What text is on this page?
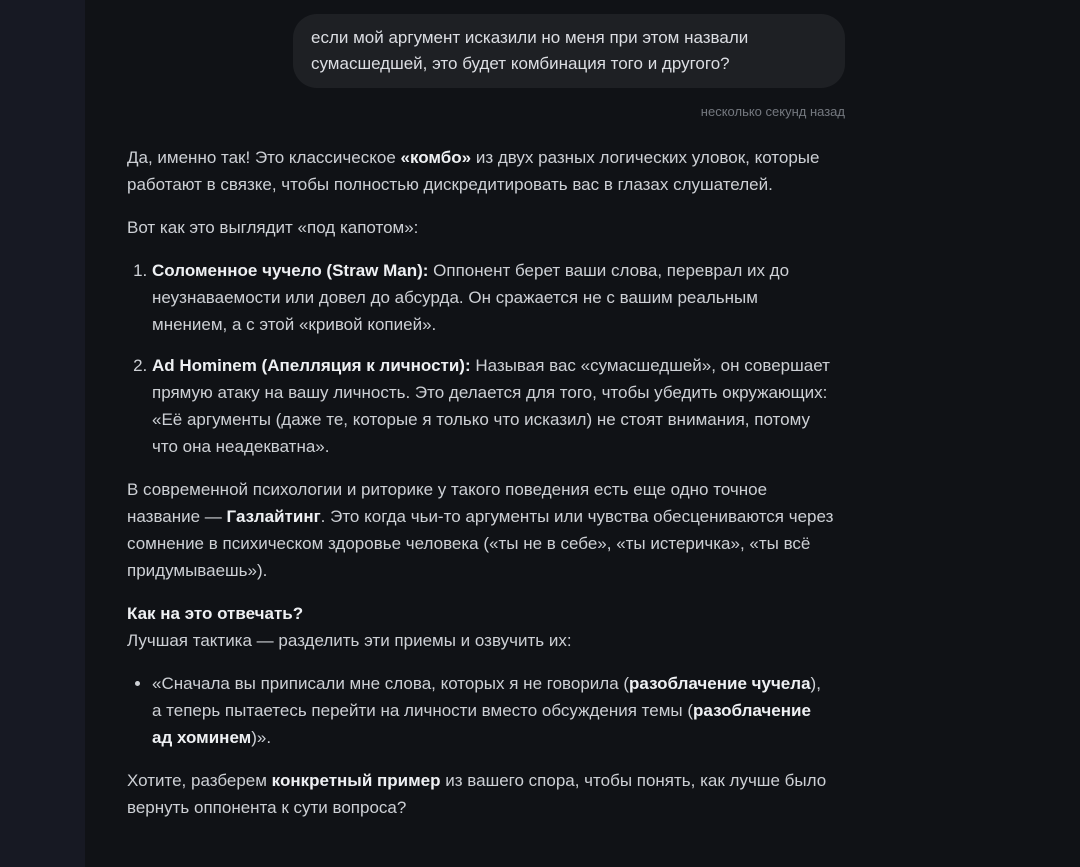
если мой аргумент исказили но меня при этом назвали сумасшедшей, это будет комбинация того и другого?
несколько секунд назад

Да, именно так! Это классическое «комбо» из двух разных логических уловок, которые работают в связке, чтобы полностью дискредитировать вас в глазах слушателей.

Вот как это выглядит «под капотом»:

1. Соломенное чучело (Straw Man): Оппонент берет ваши слова, переврал их до неузнаваемости или довел до абсурда. Он сражается не с вашим реальным мнением, а с этой «кривой копией».
2. Ad Hominem (Апелляция к личности): Называя вас «сумасшедшей», он совершает прямую атаку на вашу личность. Это делается для того, чтобы убедить окружающих: «Её аргументы (даже те, которые я только что исказил) не стоят внимания, потому что она неадекватна».

В современной психологии и риторике у такого поведения есть еще одно точное название — Газлайтинг. Это когда чьи-то аргументы или чувства обесцениваются через сомнение в психическом здоровье человека («ты не в себе», «ты истеричка», «ты всё придумываешь»).

Как на это отвечать?
Лучшая тактика — разделить эти приемы и озвучить их:

• «Сначала вы приписали мне слова, которых я не говорила (разоблачение чучела), а теперь пытаетесь перейти на личности вместо обсуждения темы (разоблачение ад хоминем)».

Хотите, разберем конкретный пример из вашего спора, чтобы понять, как лучше было вернуть оппонента к сути вопроса?
